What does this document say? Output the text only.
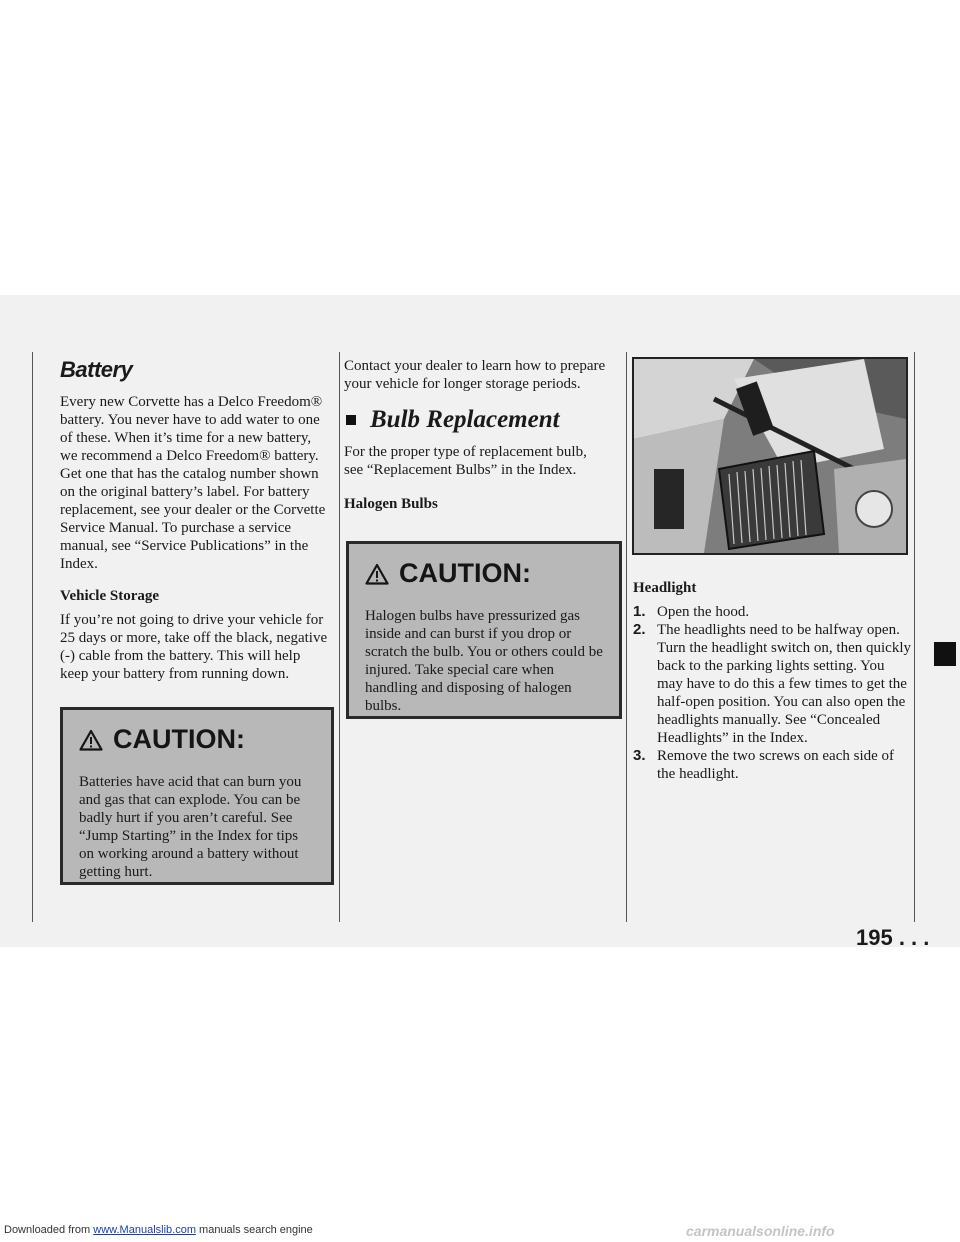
Battery

Every new Corvette has a Delco Freedom® battery. You never have to add water to one of these. When it’s time for a new battery, we recommend a Delco Freedom® battery. Get one that has the catalog number shown on the original battery’s label. For battery replacement, see your dealer or the Corvette Service Manual. To purchase a service manual, see “Service Publications” in the Index.

Vehicle Storage

If you’re not going to drive your vehicle for 25 days or more, take off the black, negative (-) cable from the battery. This will help keep your battery from running down.

CAUTION:
Batteries have acid that can burn you and gas that can explode. You can be badly hurt if you aren’t careful. See “Jump Starting” in the Index for tips on working around a battery without getting hurt.

Contact your dealer to learn how to prepare your vehicle for longer storage periods.

Bulb Replacement

For the proper type of replacement bulb, see “Replacement Bulbs” in the Index.

Halogen Bulbs
CAUTION:
Halogen bulbs have pressurized gas inside and can burst if you drop or scratch the bulb. You or others could be injured. Take special care when handling and disposing of halogen bulbs.
Headlight
1. Open the hood.
2. The headlights need to be halfway open. Turn the headlight switch on, then quickly back to the parking lights setting. You may have to do this a few times to get the half-open position. You can also open the headlights manually. See “Concealed Headlights” in the Index.
3. Remove the two screws on each side of the headlight.
195 . . .
Downloaded from www.Manualslib.com manuals search engine	carmanualsonline.info
